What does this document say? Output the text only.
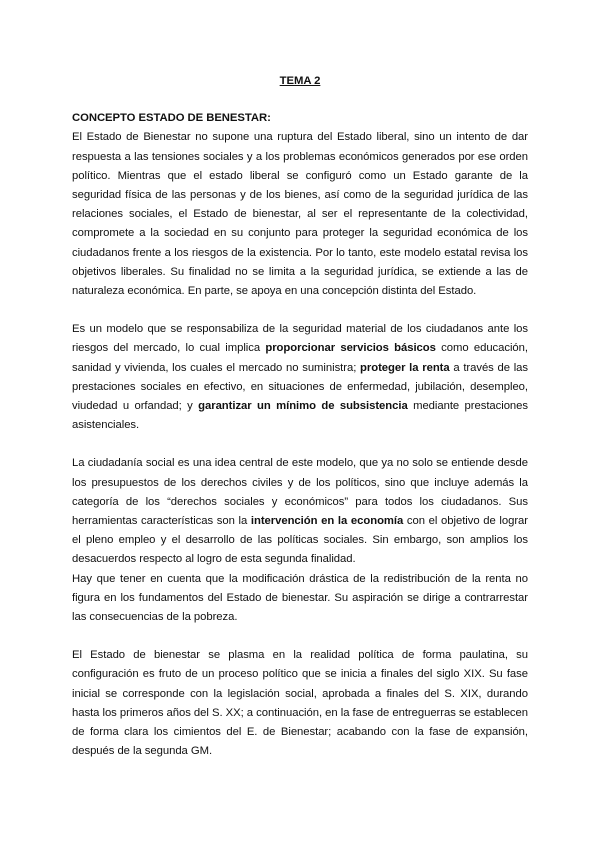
TEMA 2
CONCEPTO ESTADO DE BENESTAR:

El Estado de Bienestar no supone una ruptura del Estado liberal, sino un intento de dar respuesta a las tensiones sociales y a los problemas económicos generados por ese orden político. Mientras que el estado liberal se configuró como un Estado garante de la seguridad física de las personas y de los bienes, así como de la seguridad jurídica de las relaciones sociales, el Estado de bienestar, al ser el representante de la colectividad, compromete a la sociedad en su conjunto para proteger la seguridad económica de los ciudadanos frente a los riesgos de la existencia. Por lo tanto, este modelo estatal revisa los objetivos liberales. Su finalidad no se limita a la seguridad jurídica, se extiende a las de naturaleza económica. En parte, se apoya en una concepción distinta del Estado.

Es un modelo que se responsabiliza de la seguridad material de los ciudadanos ante los riesgos del mercado, lo cual implica proporcionar servicios básicos como educación, sanidad y vivienda, los cuales el mercado no suministra; proteger la renta a través de las prestaciones sociales en efectivo, en situaciones de enfermedad, jubilación, desempleo, viudedad u orfandad; y garantizar un mínimo de subsistencia mediante prestaciones asistenciales.

La ciudadanía social es una idea central de este modelo, que ya no solo se entiende desde los presupuestos de los derechos civiles y de los políticos, sino que incluye además la categoría de los “derechos sociales y económicos” para todos los ciudadanos. Sus herramientas características son la intervención en la economía con el objetivo de lograr el pleno empleo y el desarrollo de las políticas sociales. Sin embargo, son amplios los desacuerdos respecto al logro de esta segunda finalidad.

Hay que tener en cuenta que la modificación drástica de la redistribución de la renta no figura en los fundamentos del Estado de bienestar. Su aspiración se dirige a contrarrestar las consecuencias de la pobreza.

El Estado de bienestar se plasma en la realidad política de forma paulatina, su configuración es fruto de un proceso político que se inicia a finales del siglo XIX. Su fase inicial se corresponde con la legislación social, aprobada a finales del S. XIX, durando hasta los primeros años del S. XX; a continuación, en la fase de entreguerras se establecen de forma clara los cimientos del E. de Bienestar; acabando con la fase de expansión, después de la segunda GM.
